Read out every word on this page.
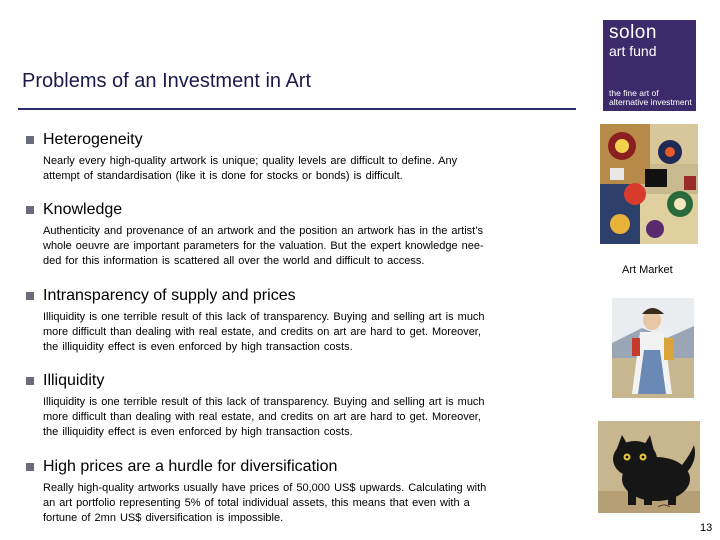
Problems of an Investment in Art
solon
art fund
the fine art of
alternative investment
Heterogeneity
Nearly every high-quality artwork is unique; quality levels are difficult to define. Any
attempt of standardisation (like it is done for stocks or bonds) is difficult.
Knowledge
Authenticity and provenance of an artwork and the position an artwork has in the artist’s
whole oeuvre are important parameters for the valuation. But the expert knowledge nee-
ded for this information is scattered all over the world and difficult to access.
Intransparency of supply and prices
Illiquidity is one terrible result of this lack of transparency. Buying and selling art is much
more difficult than dealing with real estate, and credits on art are hard to get. Moreover,
the illiquidity effect is even enforced by high transaction costs.
Illiquidity
Illiquidity is one terrible result of this lack of transparency. Buying and selling art is much
more difficult than dealing with real estate, and credits on art are hard to get. Moreover,
the illiquidity effect is even enforced by high transaction costs.
High prices are a hurdle for diversification
Really high-quality artworks usually have prices of 50,000 US$ upwards. Calculating with
an art portfolio representing 5% of total individual assets, this means that even with a
fortune of 2mn US$ diversification is impossible.
Art Market
13
